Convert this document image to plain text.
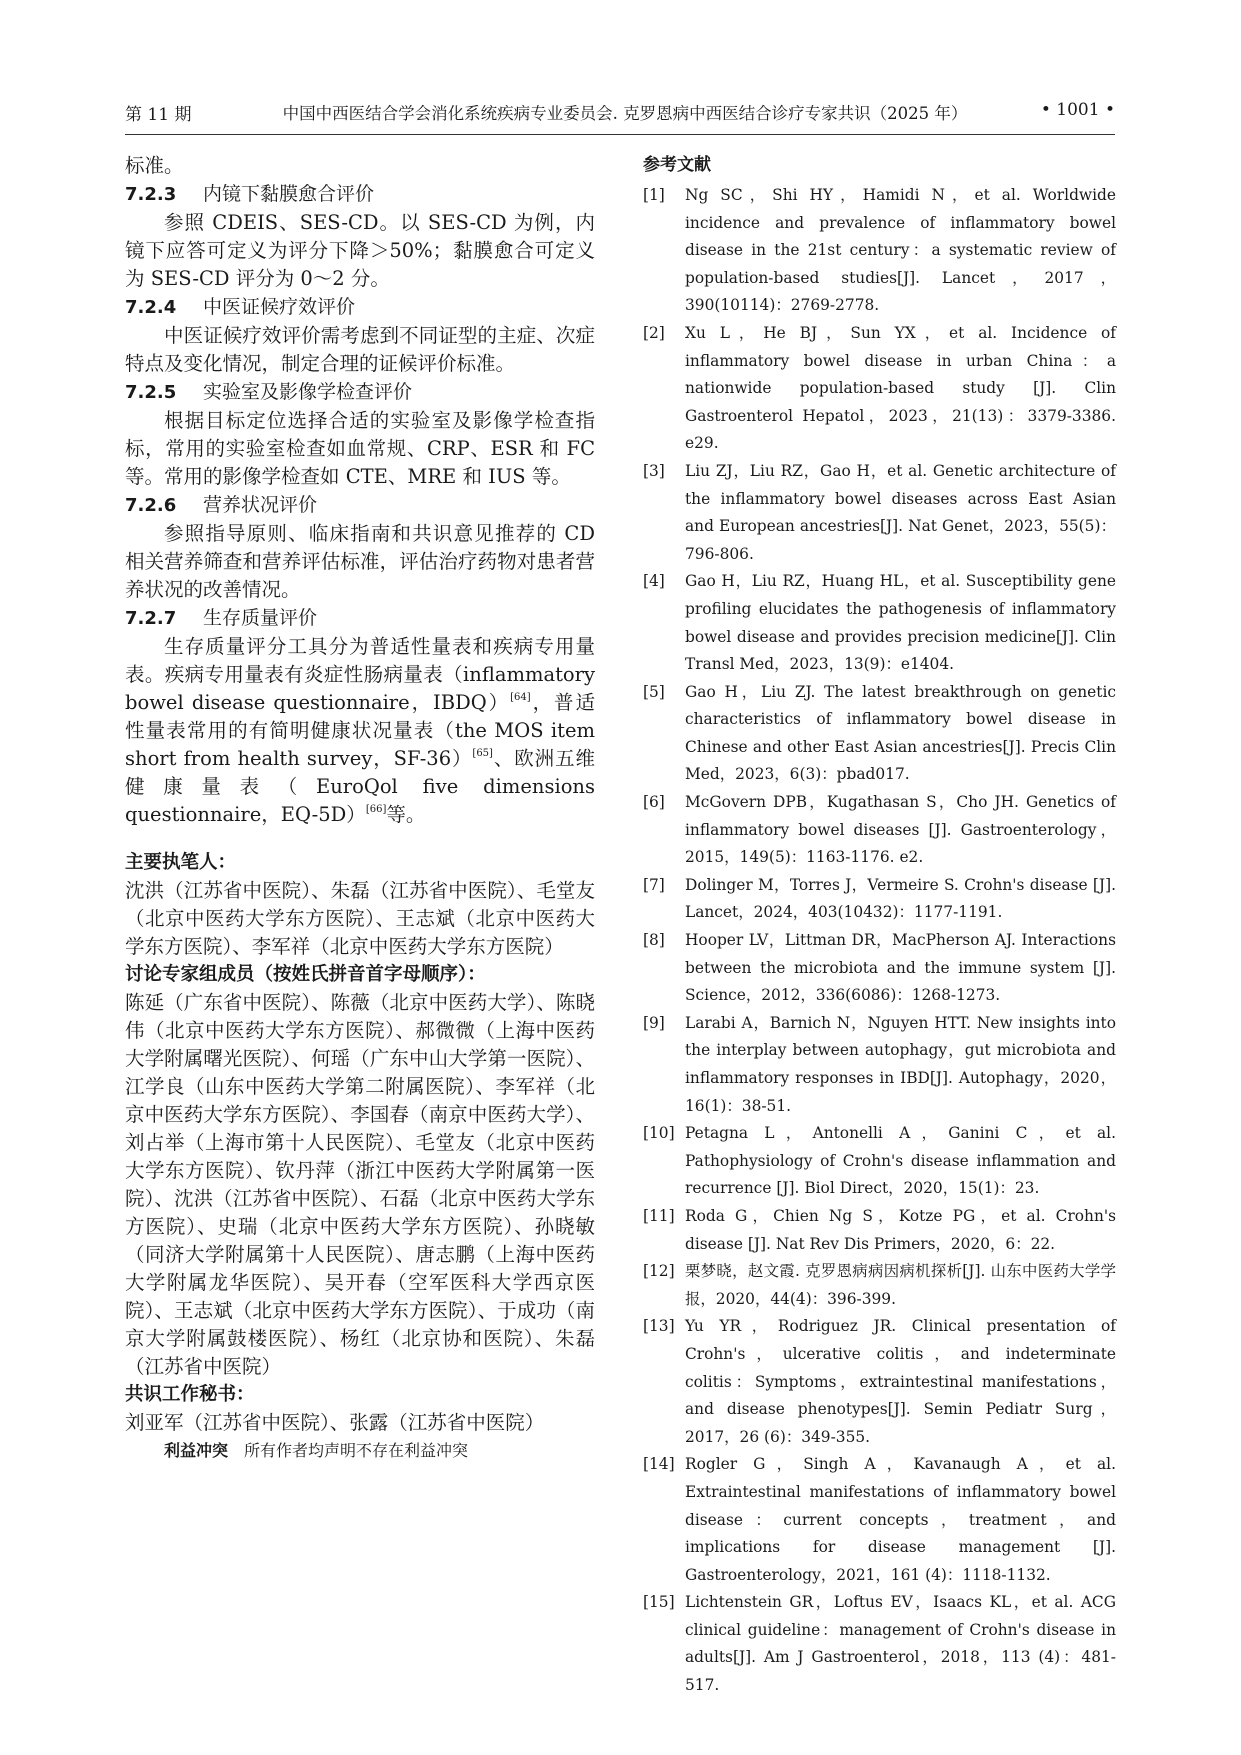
第 11 期	中国中西医结合学会消化系统疾病专业委员会. 克罗恩病中西医结合诊疗专家共识（2025 年）	• 1001 •

标准。

7.2.3 内镜下黏膜愈合评价

参照 CDEIS、SES-CD。以 SES-CD 为例，内镜下应答可定义为评分下降＞50%；黏膜愈合可定义为 SES-CD 评分为 0～2 分。

7.2.4 中医证候疗效评价

中医证候疗效评价需考虑到不同证型的主症、次症特点及变化情况，制定合理的证候评价标准。

7.2.5 实验室及影像学检查评价

根据目标定位选择合适的实验室及影像学检查指标，常用的实验室检查如血常规、CRP、ESR 和 FC 等。常用的影像学检查如 CTE、MRE 和 IUS 等。

7.2.6 营养状况评价

参照指导原则、临床指南和共识意见推荐的 CD 相关营养筛查和营养评估标准，评估治疗药物对患者营养状况的改善情况。

7.2.7 生存质量评价

生存质量评分工具分为普适性量表和疾病专用量表。疾病专用量表有炎症性肠病量表（inflammatory bowel disease questionnaire，IBDQ）[64]，普适性量表常用的有简明健康状况量表（the MOS item short from health survey，SF-36）[65]、欧洲五维健康量表（EuroQol five dimensions questionnaire，EQ-5D）[66]等。

主要执笔人：

沈洪（江苏省中医院）、朱磊（江苏省中医院）、毛堂友（北京中医药大学东方医院）、王志斌（北京中医药大学东方医院）、李军祥（北京中医药大学东方医院）

讨论专家组成员（按姓氏拼音首字母顺序）：

陈延（广东省中医院）、陈薇（北京中医药大学）、陈晓伟（北京中医药大学东方医院）、郝微微（上海中医药大学附属曙光医院）、何瑶（广东中山大学第一医院）、江学良（山东中医药大学第二附属医院）、李军祥（北京中医药大学东方医院）、李国春（南京中医药大学）、刘占举（上海市第十人民医院）、毛堂友（北京中医药大学东方医院）、钦丹萍（浙江中医药大学附属第一医院）、沈洪（江苏省中医院）、石磊（北京中医药大学东方医院）、史瑞（北京中医药大学东方医院）、孙晓敏（同济大学附属第十人民医院）、唐志鹏（上海中医药大学附属龙华医院）、吴开春（空军医科大学西京医院）、王志斌（北京中医药大学东方医院）、于成功（南京大学附属鼓楼医院）、杨红（北京协和医院）、朱磊（江苏省中医院）

共识工作秘书：

刘亚军（江苏省中医院）、张露（江苏省中医院）

利益冲突 所有作者均声明不存在利益冲突

参考文献

[1]	Ng SC，Shi HY，Hamidi N，et al. Worldwide incidence and prevalence of inflammatory bowel disease in the 21st century：a systematic review of population-based studies[J]. Lancet，2017，390(10114)：2769-2778.
[2]	Xu L，He BJ，Sun YX，et al. Incidence of inflammatory bowel disease in urban China：a nationwide population-based study [J]. Clin Gastroenterol Hepatol，2023，21(13)：3379-3386. e29.
[3]	Liu ZJ，Liu RZ，Gao H，et al. Genetic architecture of the inflammatory bowel diseases across East Asian and European ancestries[J]. Nat Genet，2023，55(5)：796-806.
[4]	Gao H，Liu RZ，Huang HL，et al. Susceptibility gene profiling elucidates the pathogenesis of inflammatory bowel disease and provides precision medicine[J]. Clin Transl Med，2023，13(9)：e1404.
[5]	Gao H，Liu ZJ. The latest breakthrough on genetic characteristics of inflammatory bowel disease in Chinese and other East Asian ancestries[J]. Precis Clin Med，2023，6(3)：pbad017.
[6]	McGovern DPB，Kugathasan S，Cho JH. Genetics of inflammatory bowel diseases [J]. Gastroenterology，2015，149(5)：1163-1176. e2.
[7]	Dolinger M，Torres J，Vermeire S. Crohn's disease [J]. Lancet，2024，403(10432)：1177-1191.
[8]	Hooper LV，Littman DR，MacPherson AJ. Interactions between the microbiota and the immune system [J]. Science，2012，336(6086)：1268-1273.
[9]	Larabi A，Barnich N，Nguyen HTT. New insights into the interplay between autophagy，gut microbiota and inflammatory responses in IBD[J]. Autophagy，2020，16(1)：38-51.
[10] Petagna L，Antonelli A，Ganini C，et al. Pathophysiology of Crohn's disease inflammation and recurrence [J]. Biol Direct，2020，15(1)：23.
[11] Roda G，Chien Ng S，Kotze PG，et al. Crohn's disease [J]. Nat Rev Dis Primers，2020，6：22.
[12] 栗梦晓，赵文霞. 克罗恩病病因病机探析[J]. 山东中医药大学学报，2020，44(4)：396-399.
[13] Yu YR，Rodriguez JR. Clinical presentation of Crohn's，ulcerative colitis，and indeterminate colitis：Symptoms，extraintestinal manifestations，and disease phenotypes[J]. Semin Pediatr Surg，2017，26 (6)：349-355.
[14] Rogler G，Singh A，Kavanaugh A，et al. Extraintestinal manifestations of inflammatory bowel disease：current concepts，treatment，and implications for disease management [J]. Gastroenterology，2021，161 (4)：1118-1132.
[15] Lichtenstein GR，Loftus EV，Isaacs KL，et al. ACG clinical guideline：management of Crohn's disease in adults[J]. Am J Gastroenterol，2018，113 (4)：481-517.
